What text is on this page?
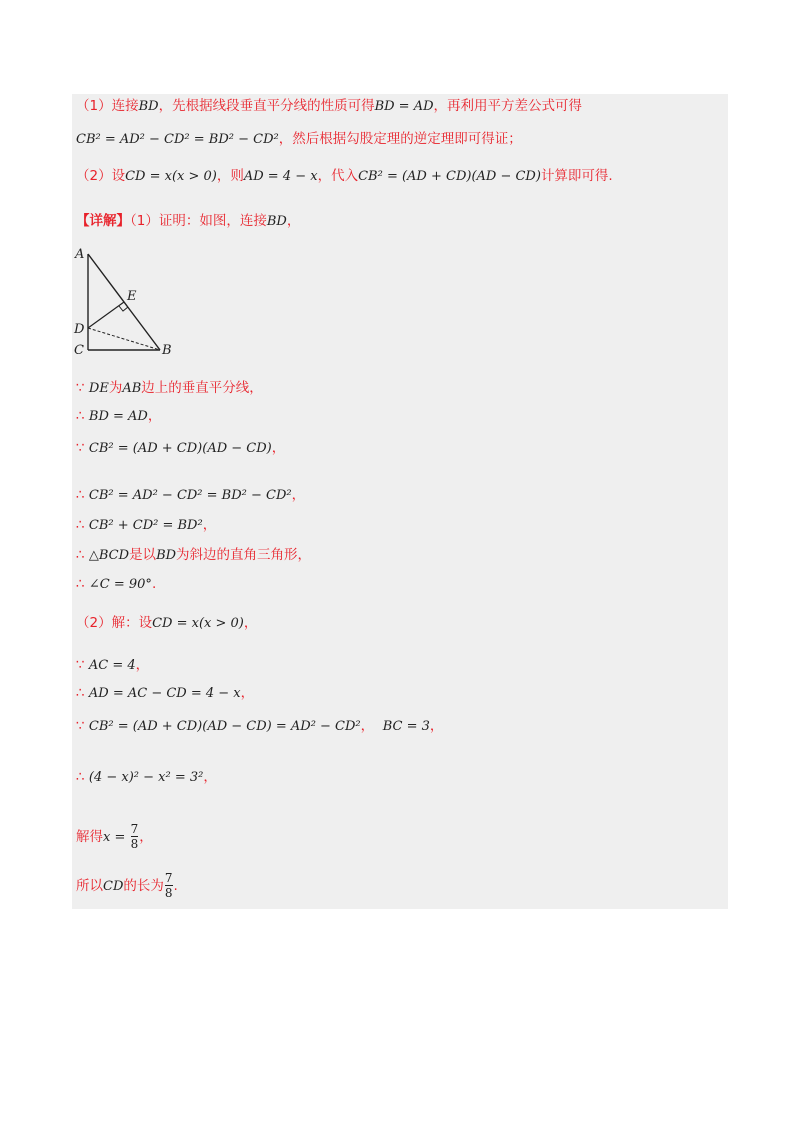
（1）连接BD，先根据线段垂直平分线的性质可得BD = AD，再利用平方差公式可得
CB² = AD² − CD² = BD² − CD²，然后根据勾股定理的逆定理即可得证；
（2）设CD = x(x > 0)，则AD = 4 − x，代入CB² = (AD + CD)(AD − CD)计算即可得.
【详解】（1）证明：如图，连接BD，
A
E
D
C	B
∵ DE为AB边上的垂直平分线，
∴ BD = AD，
∵ CB² = (AD + CD)(AD − CD)，
∴ CB² = AD² − CD² = BD² − CD²，
∴ CB² + CD² = BD²，
∴ △BCD是以BD为斜边的直角三角形，
∴ ∠C = 90°.
（2）解：设CD = x(x > 0)，
∵ AC = 4，
∴ AD = AC − CD = 4 − x，
∵ CB² = (AD + CD)(AD − CD) = AD² − CD²， BC = 3，
∴ (4 − x)² − x² = 3²，
解得$x = \frac{7}{8}$ ，
所以CD的长为 $\frac{7}{8}$ .
